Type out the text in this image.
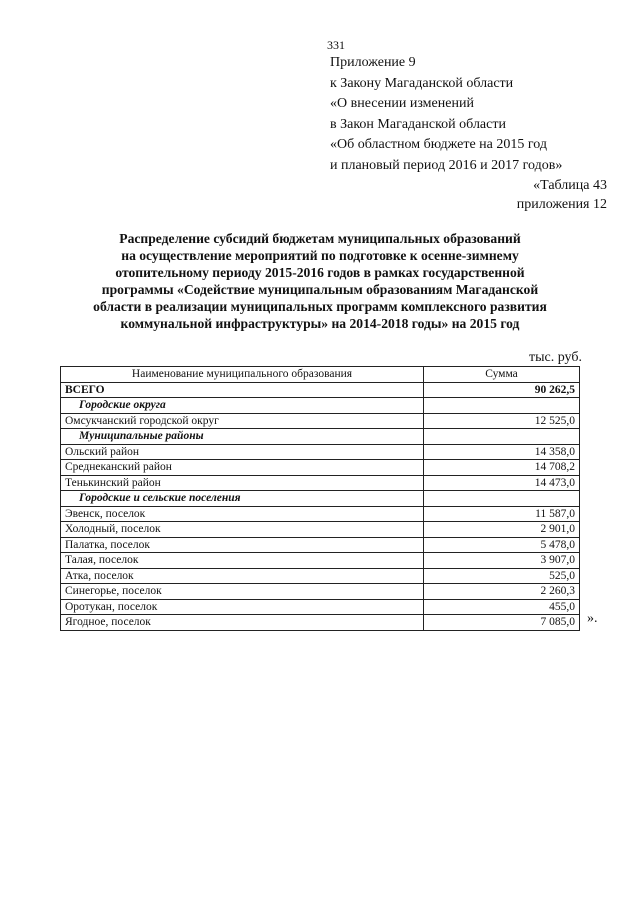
331
Приложение 9
к Закону Магаданской области
«О внесении изменений
в Закон Магаданской области
«Об областном бюджете на 2015 год
и плановый период 2016 и 2017 годов»
«Таблица 43
приложения 12
Распределение субсидий бюджетам муниципальных образований
на осуществление мероприятий по подготовке к осенне-зимнему
отопительному периоду 2015-2016 годов в рамках государственной
программы «Содействие муниципальным образованиям Магаданской
области в реализации муниципальных программ комплексного развития
коммунальной инфраструктуры» на 2014-2018 годы» на 2015 год
тыс. руб.
Наименование муниципального образования	Сумма
ВСЕГО	90 262,5
Городские округа	
Омсукчанский городской округ	12 525,0
Муниципальные районы	
Ольский район	14 358,0
Среднеканский район	14 708,2
Тенькинский район	14 473,0
Городские и сельские поселения	
Эвенск, поселок	11 587,0
Холодный, поселок	2 901,0
Палатка, поселок	5 478,0
Талая, поселок	3 907,0
Атка, поселок	525,0
Синегорье, поселок	2 260,3
Оротукан, поселок	455,0
Ягодное, поселок	7 085,0 ».
